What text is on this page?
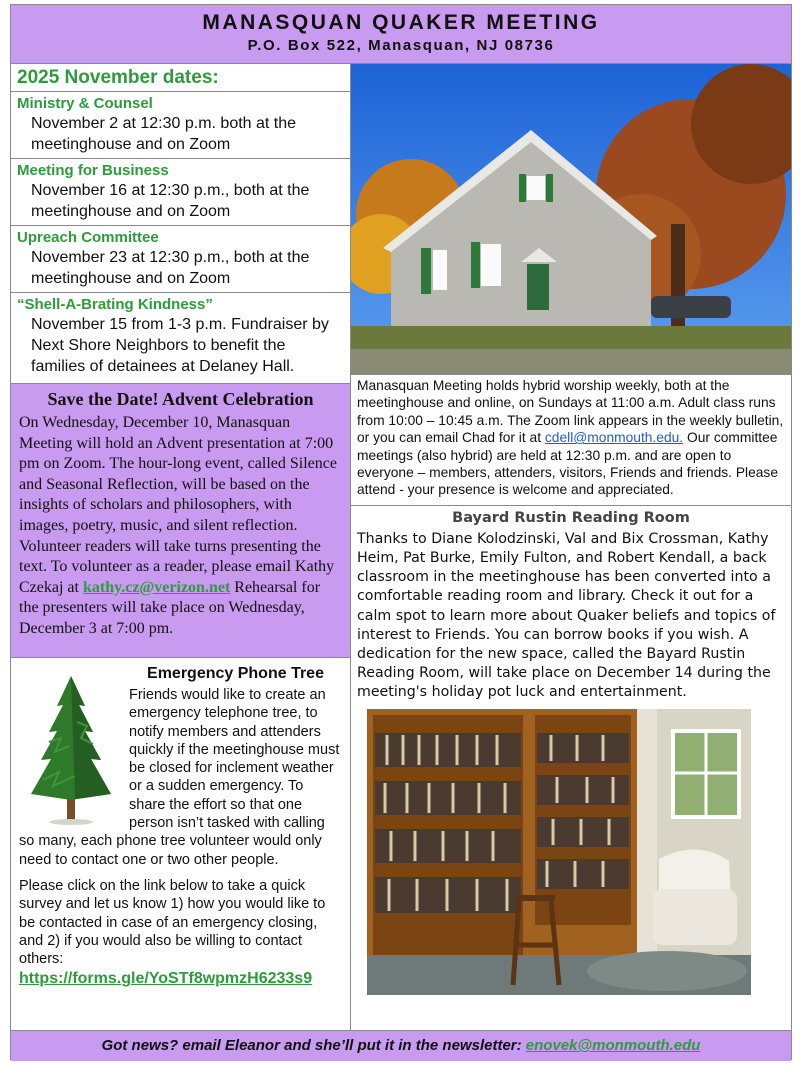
MANASQUAN QUAKER MEETING
P.O. Box 522, Manasquan, NJ 08736
2025 November dates:
Ministry & Counsel
November 2 at 12:30 p.m. both at the meetinghouse and on Zoom
Meeting for Business
November 16 at 12:30 p.m., both at the meetinghouse and on Zoom
Upreach Committee
November 23 at 12:30 p.m., both at the meetinghouse and on Zoom
“Shell-A-Brating Kindness”
November 15 from 1-3 p.m. Fundraiser by Next Shore Neighbors to benefit the families of detainees at Delaney Hall.
Save the Date! Advent Celebration
On Wednesday, December 10, Manasquan Meeting will hold an Advent presentation at 7:00 pm on Zoom. The hour-long event, called Silence and Seasonal Reflection, will be based on the insights of scholars and philosophers, with images, poetry, music, and silent reflection. Volunteer readers will take turns presenting the text. To volunteer as a reader, please email Kathy Czekaj at kathy.cz@verizon.net Rehearsal for the presenters will take place on Wednesday, December 3 at 7:00 pm.
Emergency Phone Tree

Friends would like to create an emergency telephone tree, to notify members and attenders quickly if the meetinghouse must be closed for inclement weather or a sudden emergency. To share the effort so that one person isn’t tasked with calling so many, each phone tree volunteer would only need to contact one or two other people.

Please click on the link below to take a quick survey and let us know 1) how you would like to be contacted in case of an emergency closing, and 2) if you would also be willing to contact others:

https://forms.gle/YoSTf8wpmzH6233s9
Manasquan Meeting holds hybrid worship weekly, both at the meetinghouse and online, on Sundays at 11:00 a.m. Adult class runs from 10:00 – 10:45 a.m. The Zoom link appears in the weekly bulletin, or you can email Chad for it at cdell@monmouth.edu. Our committee meetings (also hybrid) are held at 12:30 p.m. and are open to everyone – members, attenders, visitors, Friends and friends. Please attend - your presence is welcome and appreciated.
Bayard Rustin Reading Room
Thanks to Diane Kolodzinski, Val and Bix Crossman, Kathy Heim, Pat Burke, Emily Fulton, and Robert Kendall, a back classroom in the meetinghouse has been converted into a comfortable reading room and library. Check it out for a calm spot to learn more about Quaker beliefs and topics of interest to Friends. You can borrow books if you wish. A dedication for the new space, called the Bayard Rustin Reading Room, will take place on December 14 during the meeting's holiday pot luck and entertainment.
Got news? email Eleanor and she’ll put it in the newsletter: enovek@monmouth.edu
